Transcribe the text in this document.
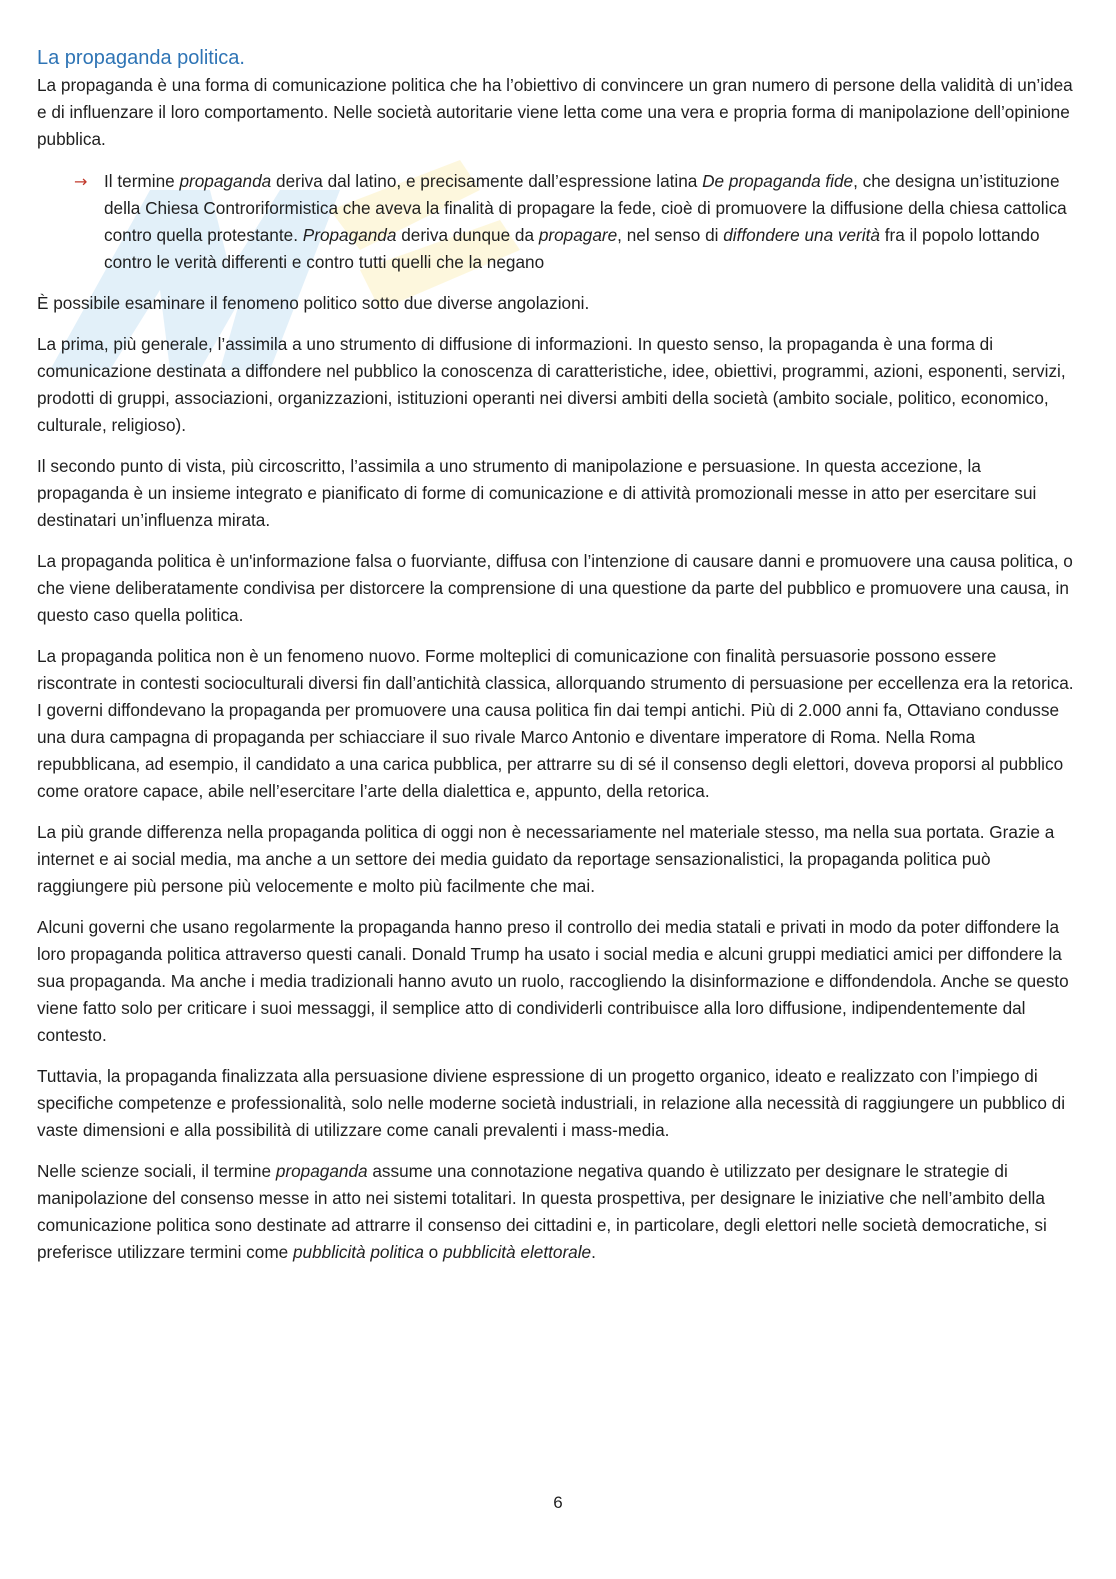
La propaganda politica.

La propaganda è una forma di comunicazione politica che ha l’obiettivo di convincere un gran numero di persone della validità di un’idea e di influenzare il loro comportamento. Nelle società autoritarie viene letta come una vera e propria forma di manipolazione dell’opinione pubblica.

→ Il termine propaganda deriva dal latino, e precisamente dall’espressione latina De propaganda fide, che designa un’istituzione della Chiesa Controriformistica che aveva la finalità di propagare la fede, cioè di promuovere la diffusione della chiesa cattolica contro quella protestante. Propaganda deriva dunque da propagare, nel senso di diffondere una verità fra il popolo lottando contro le verità differenti e contro tutti quelli che la negano

È possibile esaminare il fenomeno politico sotto due diverse angolazioni.

La prima, più generale, l’assimila a uno strumento di diffusione di informazioni. In questo senso, la propaganda è una forma di comunicazione destinata a diffondere nel pubblico la conoscenza di caratteristiche, idee, obiettivi, programmi, azioni, esponenti, servizi, prodotti di gruppi, associazioni, organizzazioni, istituzioni operanti nei diversi ambiti della società (ambito sociale, politico, economico, culturale, religioso).

Il secondo punto di vista, più circoscritto, l’assimila a uno strumento di manipolazione e persuasione. In questa accezione, la propaganda è un insieme integrato e pianificato di forme di comunicazione e di attività promozionali messe in atto per esercitare sui destinatari un’influenza mirata.

La propaganda politica è un'informazione falsa o fuorviante, diffusa con l’intenzione di causare danni e promuovere una causa politica, o che viene deliberatamente condivisa per distorcere la comprensione di una questione da parte del pubblico e promuovere una causa, in questo caso quella politica.

La propaganda politica non è un fenomeno nuovo. Forme molteplici di comunicazione con finalità persuasorie possono essere riscontrate in contesti socioculturali diversi fin dall’antichità classica, allorquando strumento di persuasione per eccellenza era la retorica. I governi diffondevano la propaganda per promuovere una causa politica fin dai tempi antichi. Più di 2.000 anni fa, Ottaviano condusse una dura campagna di propaganda per schiacciare il suo rivale Marco Antonio e diventare imperatore di Roma. Nella Roma repubblicana, ad esempio, il candidato a una carica pubblica, per attrarre su di sé il consenso degli elettori, doveva proporsi al pubblico come oratore capace, abile nell’esercitare l’arte della dialettica e, appunto, della retorica.

La più grande differenza nella propaganda politica di oggi non è necessariamente nel materiale stesso, ma nella sua portata. Grazie a internet e ai social media, ma anche a un settore dei media guidato da reportage sensazionalistici, la propaganda politica può raggiungere più persone più velocemente e molto più facilmente che mai.

Alcuni governi che usano regolarmente la propaganda hanno preso il controllo dei media statali e privati in modo da poter diffondere la loro propaganda politica attraverso questi canali. Donald Trump ha usato i social media e alcuni gruppi mediatici amici per diffondere la sua propaganda. Ma anche i media tradizionali hanno avuto un ruolo, raccogliendo la disinformazione e diffondendola. Anche se questo viene fatto solo per criticare i suoi messaggi, il semplice atto di condividerli contribuisce alla loro diffusione, indipendentemente dal contesto.

Tuttavia, la propaganda finalizzata alla persuasione diviene espressione di un progetto organico, ideato e realizzato con l’impiego di specifiche competenze e professionalità, solo nelle moderne società industriali, in relazione alla necessità di raggiungere un pubblico di vaste dimensioni e alla possibilità di utilizzare come canali prevalenti i mass-media.

Nelle scienze sociali, il termine propaganda assume una connotazione negativa quando è utilizzato per designare le strategie di manipolazione del consenso messe in atto nei sistemi totalitari. In questa prospettiva, per designare le iniziative che nell’ambito della comunicazione politica sono destinate ad attrarre il consenso dei cittadini e, in particolare, degli elettori nelle società democratiche, si preferisce utilizzare termini come pubblicità politica o pubblicità elettorale.

6
